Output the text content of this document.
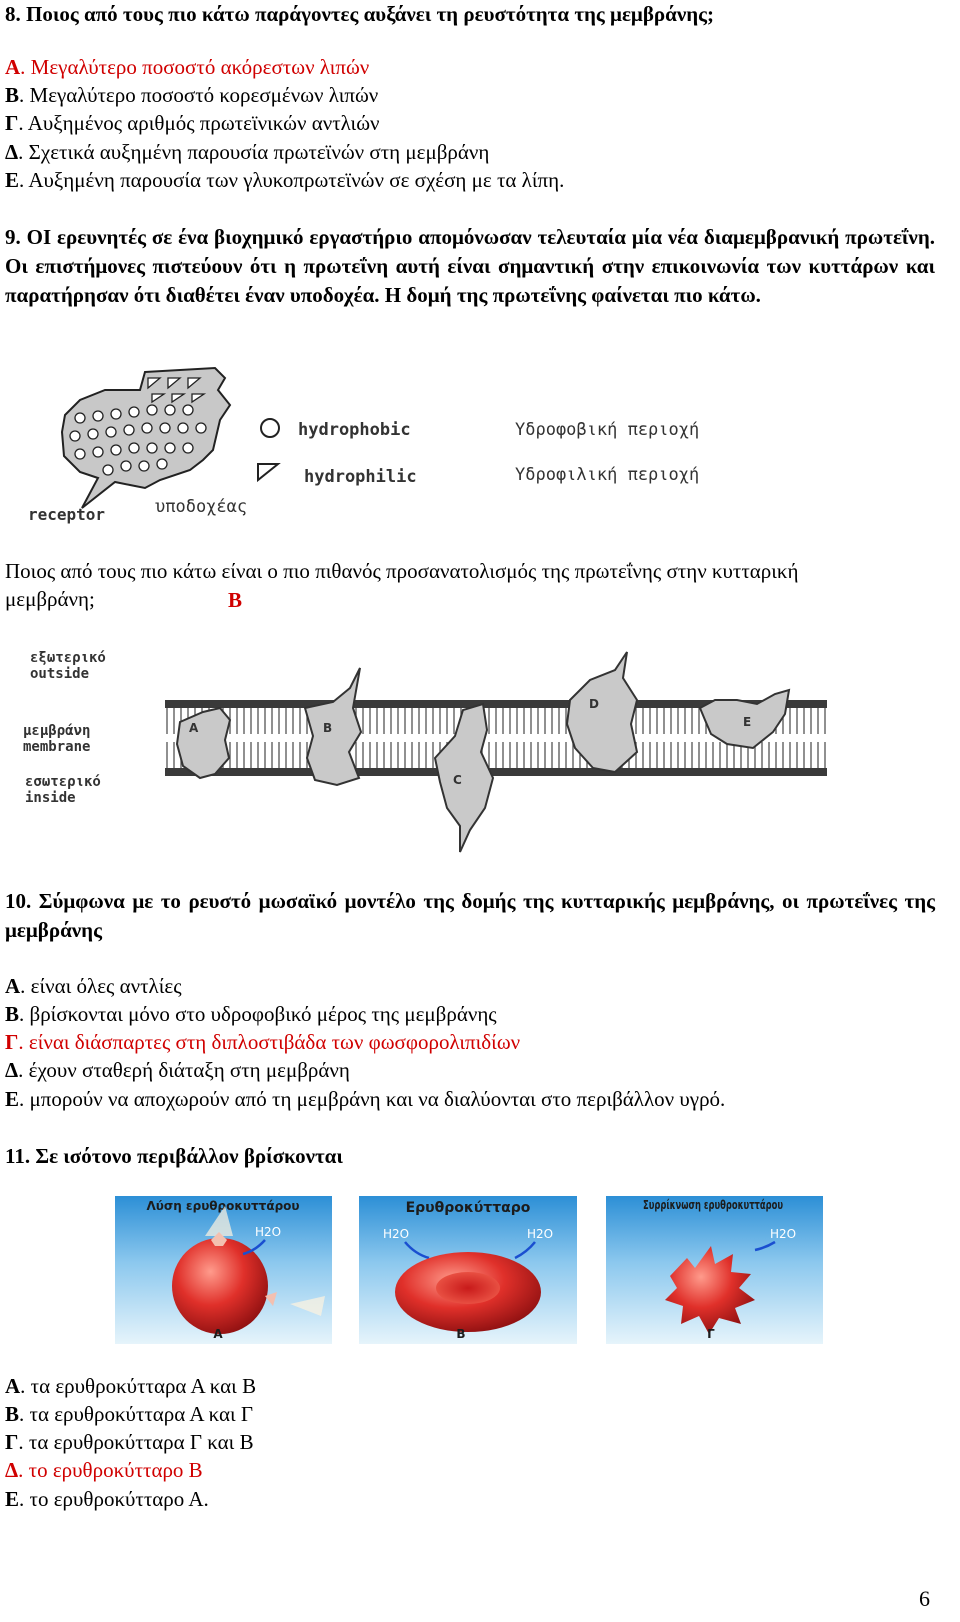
8. Ποιος από τους πιο κάτω παράγοντες αυξάνει τη ρευστότητα της μεμβράνης;
Α. Μεγαλύτερο ποσοστό ακόρεστων λιπών
Β. Μεγαλύτερο ποσοστό κορεσμένων λιπών
Γ. Αυξημένος αριθμός πρωτεϊνικών αντλιών
Δ. Σχετικά αυξημένη παρουσία πρωτεϊνών στη μεμβράνη
Ε. Αυξημένη παρουσία των γλυκοπρωτεϊνών σε σχέση με τα λίπη.
9. ΟΙ ερευνητές σε ένα βιοχημικό εργαστήριο απομόνωσαν τελευταία μία νέα διαμεμβρανική πρωτεΐνη. Οι επιστήμονες πιστεύουν ότι η πρωτεΐνη αυτή είναι σημαντική στην επικοινωνία των κυττάρων και παρατήρησαν ότι διαθέτει έναν υποδοχέα. Η δομή της πρωτεΐνης φαίνεται πιο κάτω.
hydrophobic
hydrophilic
Υδροφοβική περιοχή
Υδροφιλική περιοχή
receptor	υποδοχέας
Ποιος από τους πιο κάτω είναι ο πιο πιθανός προσανατολισμός της πρωτεΐνης στην κυτταρική μεμβράνη;	Β
A	B
C
D
E
εξωτερικό
outside
μεμβράνη
membrane
εσωτερικό
inside
10. Σύμφωνα με το ρευστό μωσαϊκό μοντέλο της δομής της κυτταρικής μεμβράνης, οι πρωτεΐνες της μεμβράνης
Α. είναι όλες αντλίες
Β. βρίσκονται μόνο στο υδροφοβικό μέρος της μεμβράνης
Γ. είναι διάσπαρτες στη διπλοστιβάδα των φωσφορολιπιδίων
Δ. έχουν σταθερή διάταξη στη μεμβράνη
Ε. μπορούν να αποχωρούν από τη μεμβράνη και να διαλύονται στο περιβάλλον υγρό.
11. Σε ισότονο περιβάλλον βρίσκονται
Λύση ερυθροκυττάρου
H2O
Α
Ερυθροκύτταρο
H2O	H2O
Β
Συρρίκνωση ερυθροκυττάρου
H2O
Γ
Α. τα ερυθροκύτταρα Α και Β
Β. τα ερυθροκύτταρα Α και Γ
Γ. τα ερυθροκύτταρα Γ και Β
Δ. το ερυθροκύτταρο Β
Ε. το ερυθροκύτταρο Α.
6
